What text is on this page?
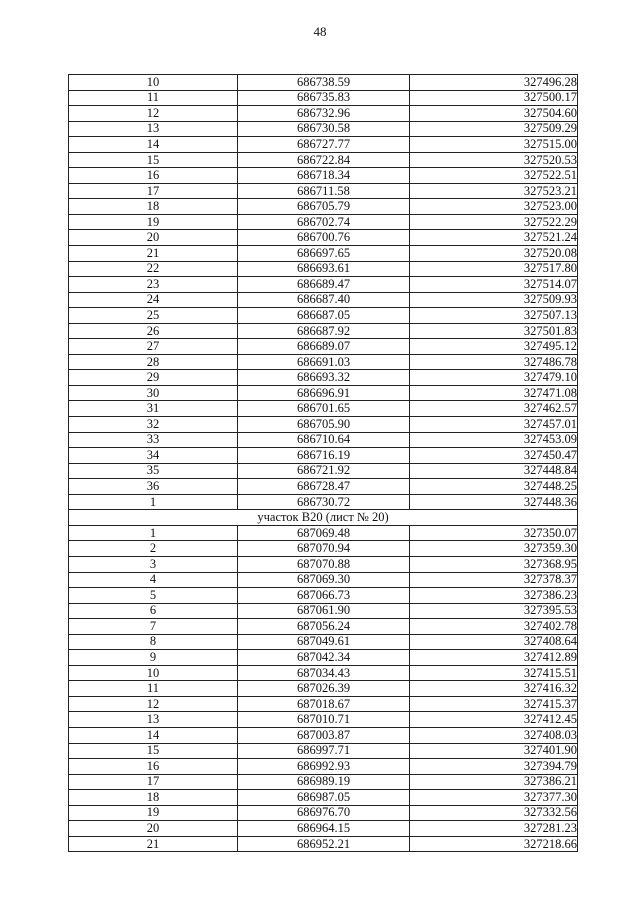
48
10	686738.59	327496.28
11	686735.83	327500.17
12	686732.96	327504.60
13	686730.58	327509.29
14	686727.77	327515.00
15	686722.84	327520.53
16	686718.34	327522.51
17	686711.58	327523.21
18	686705.79	327523.00
19	686702.74	327522.29
20	686700.76	327521.24
21	686697.65	327520.08
22	686693.61	327517.80
23	686689.47	327514.07
24	686687.40	327509.93
25	686687.05	327507.13
26	686687.92	327501.83
27	686689.07	327495.12
28	686691.03	327486.78
29	686693.32	327479.10
30	686696.91	327471.08
31	686701.65	327462.57
32	686705.90	327457.01
33	686710.64	327453.09
34	686716.19	327450.47
35	686721.92	327448.84
36	686728.47	327448.25
1	686730.72	327448.36
участок В20 (лист № 20)		
1	687069.48	327350.07
2	687070.94	327359.30
3	687070.88	327368.95
4	687069.30	327378.37
5	687066.73	327386.23
6	687061.90	327395.53
7	687056.24	327402.78
8	687049.61	327408.64
9	687042.34	327412.89
10	687034.43	327415.51
11	687026.39	327416.32
12	687018.67	327415.37
13	687010.71	327412.45
14	687003.87	327408.03
15	686997.71	327401.90
16	686992.93	327394.79
17	686989.19	327386.21
18	686987.05	327377.30
19	686976.70	327332.56
20	686964.15	327281.23
21	686952.21	327218.66
